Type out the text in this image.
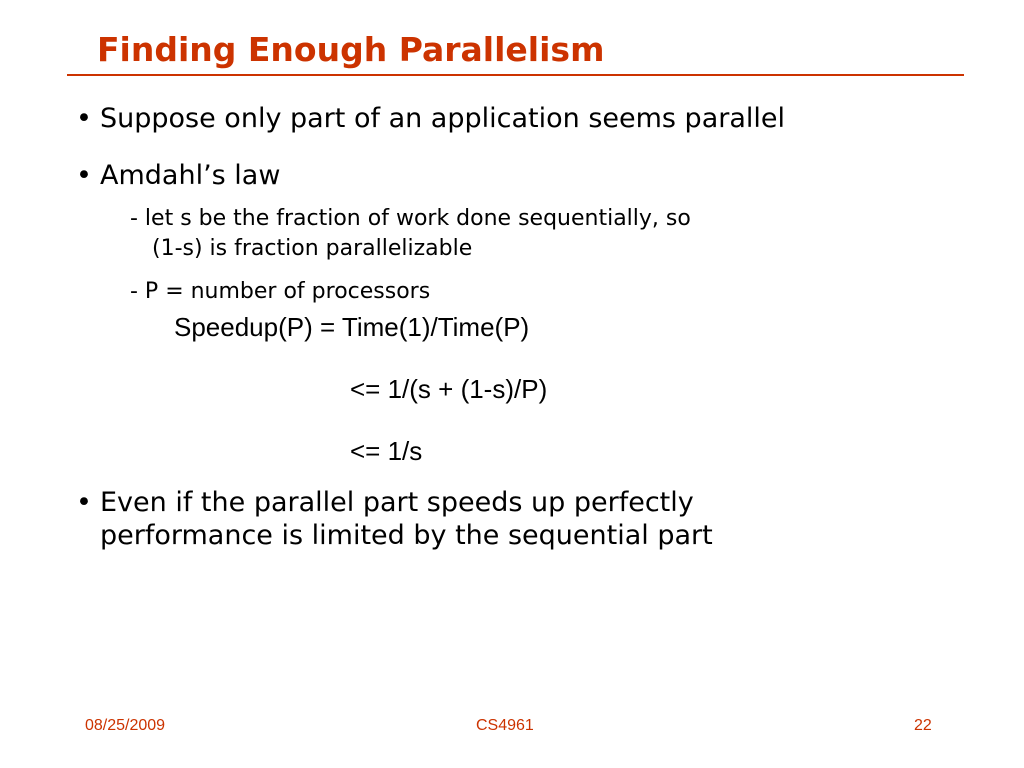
Finding Enough Parallelism
• Suppose only part of an application seems parallel
• Amdahl’s law
- let s be the fraction of work done sequentially, so
(1-s) is fraction parallelizable
- P = number of processors
Speedup(P) = Time(1)/Time(P)
<= 1/(s + (1-s)/P)
<= 1/s
• Even if the parallel part speeds up perfectly
performance is limited by the sequential part
08/25/2009	CS4961	22
